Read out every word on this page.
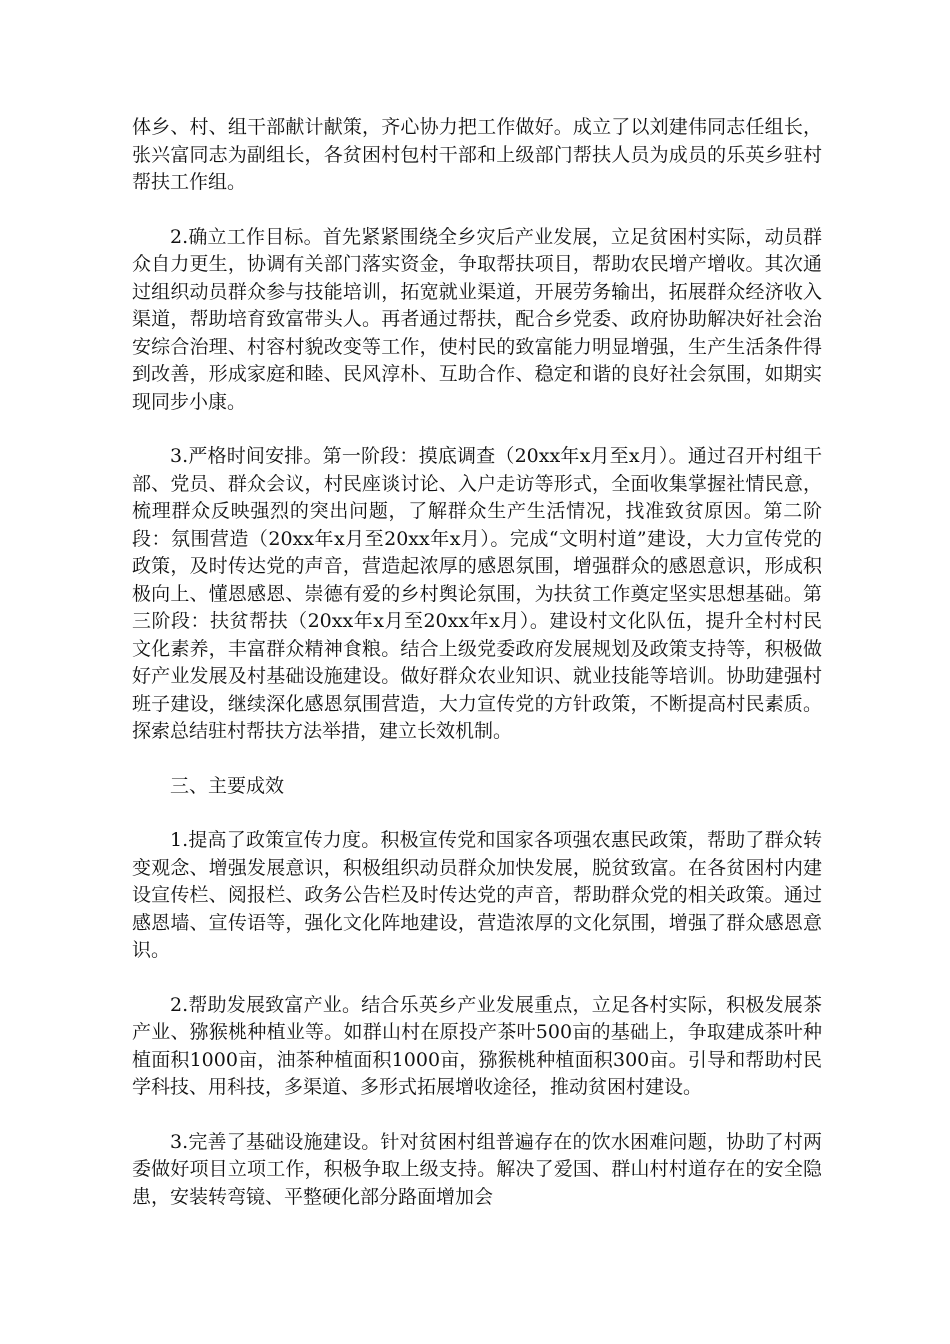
体乡、村、组干部献计献策，齐心协力把工作做好。成立了以刘建伟同志任组长，张兴富同志为副组长，各贫困村包村干部和上级部门帮扶人员为成员的乐英乡驻村帮扶工作组。

2.确立工作目标。首先紧紧围绕全乡灾后产业发展，立足贫困村实际，动员群众自力更生，协调有关部门落实资金，争取帮扶项目，帮助农民增产增收。其次通过组织动员群众参与技能培训，拓宽就业渠道，开展劳务输出，拓展群众经济收入渠道，帮助培育致富带头人。再者通过帮扶，配合乡党委、政府协助解决好社会治安综合治理、村容村貌改变等工作，使村民的致富能力明显增强，生产生活条件得到改善，形成家庭和睦、民风淳朴、互助合作、稳定和谐的良好社会氛围，如期实现同步小康。

3.严格时间安排。第一阶段：摸底调查（20xx年x月至x月）。通过召开村组干部、党员、群众会议，村民座谈讨论、入户走访等形式，全面收集掌握社情民意，梳理群众反映强烈的突出问题，了解群众生产生活情况，找准致贫原因。第二阶段：氛围营造（20xx年x月至20xx年x月）。完成“文明村道”建设，大力宣传党的政策，及时传达党的声音，营造起浓厚的感恩氛围，增强群众的感恩意识，形成积极向上、懂恩感恩、崇德有爱的乡村舆论氛围，为扶贫工作奠定坚实思想基础。第三阶段：扶贫帮扶（20xx年x月至20xx年x月）。建设村文化队伍，提升全村村民文化素养，丰富群众精神食粮。结合上级党委政府发展规划及政策支持等，积极做好产业发展及村基础设施建设。做好群众农业知识、就业技能等培训。协助建强村班子建设，继续深化感恩氛围营造，大力宣传党的方针政策，不断提高村民素质。探索总结驻村帮扶方法举措，建立长效机制。

三、主要成效

1.提高了政策宣传力度。积极宣传党和国家各项强农惠民政策，帮助了群众转变观念、增强发展意识，积极组织动员群众加快发展，脱贫致富。在各贫困村内建设宣传栏、阅报栏、政务公告栏及时传达党的声音，帮助群众党的相关政策。通过感恩墙、宣传语等，强化文化阵地建设，营造浓厚的文化氛围，增强了群众感恩意识。

2.帮助发展致富产业。结合乐英乡产业发展重点，立足各村实际，积极发展茶产业、猕猴桃种植业等。如群山村在原投产茶叶500亩的基础上，争取建成茶叶种植面积1000亩，油茶种植面积1000亩，猕猴桃种植面积300亩。引导和帮助村民学科技、用科技，多渠道、多形式拓展增收途径，推动贫困村建设。

3.完善了基础设施建设。针对贫困村组普遍存在的饮水困难问题，协助了村两委做好项目立项工作，积极争取上级支持。解决了爱国、群山村村道存在的安全隐患，安装转弯镜、平整硬化部分路面增加会
